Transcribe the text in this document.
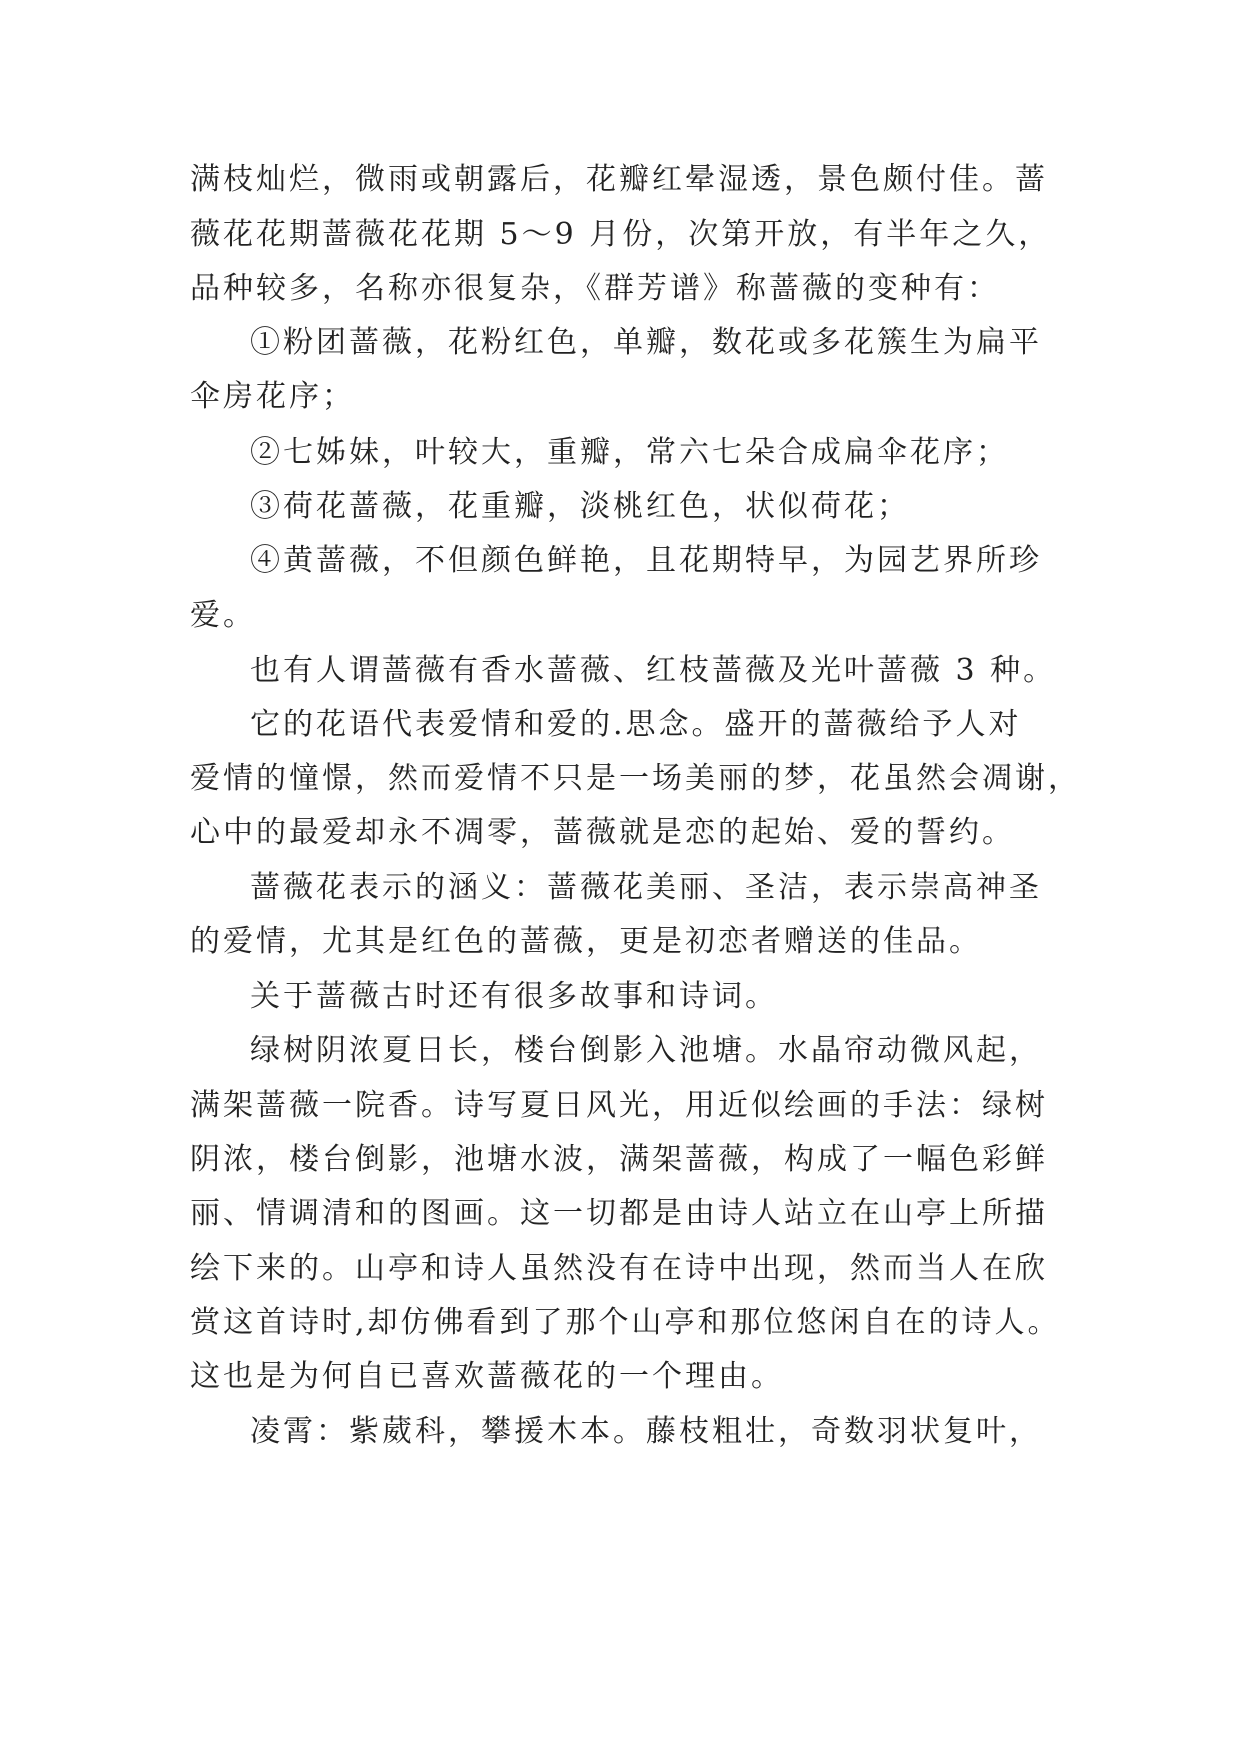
满枝灿烂，微雨或朝露后，花瓣红晕湿透，景色颇付佳。蔷
薇花花期蔷薇花花期 5～9 月份，次第开放，有半年之久，
品种较多，名称亦很复杂，《群芳谱》称蔷薇的变种有：
①粉团蔷薇，花粉红色，单瓣，数花或多花簇生为扁平
伞房花序；
②七姊妹，叶较大，重瓣，常六七朵合成扁伞花序；
③荷花蔷薇，花重瓣，淡桃红色，状似荷花；
④黄蔷薇，不但颜色鲜艳，且花期特早，为园艺界所珍
爱。
也有人谓蔷薇有香水蔷薇、红枝蔷薇及光叶蔷薇 3 种。
它的花语代表爱情和爱的.思念。盛开的蔷薇给予人对
爱情的憧憬，然而爱情不只是一场美丽的梦，花虽然会凋谢，
心中的最爱却永不凋零，蔷薇就是恋的起始、爱的誓约。
蔷薇花表示的涵义：蔷薇花美丽、圣洁，表示崇高神圣
的爱情，尤其是红色的蔷薇，更是初恋者赠送的佳品。
关于蔷薇古时还有很多故事和诗词。
绿树阴浓夏日长，楼台倒影入池塘。水晶帘动微风起，
满架蔷薇一院香。诗写夏日风光，用近似绘画的手法：绿树
阴浓，楼台倒影，池塘水波，满架蔷薇，构成了一幅色彩鲜
丽、情调清和的图画。这一切都是由诗人站立在山亭上所描
绘下来的。山亭和诗人虽然没有在诗中出现，然而当人在欣
赏这首诗时,却仿佛看到了那个山亭和那位悠闲自在的诗人。
这也是为何自已喜欢蔷薇花的一个理由。
凌霄：紫葳科，攀援木本。藤枝粗壮，奇数羽状复叶，
